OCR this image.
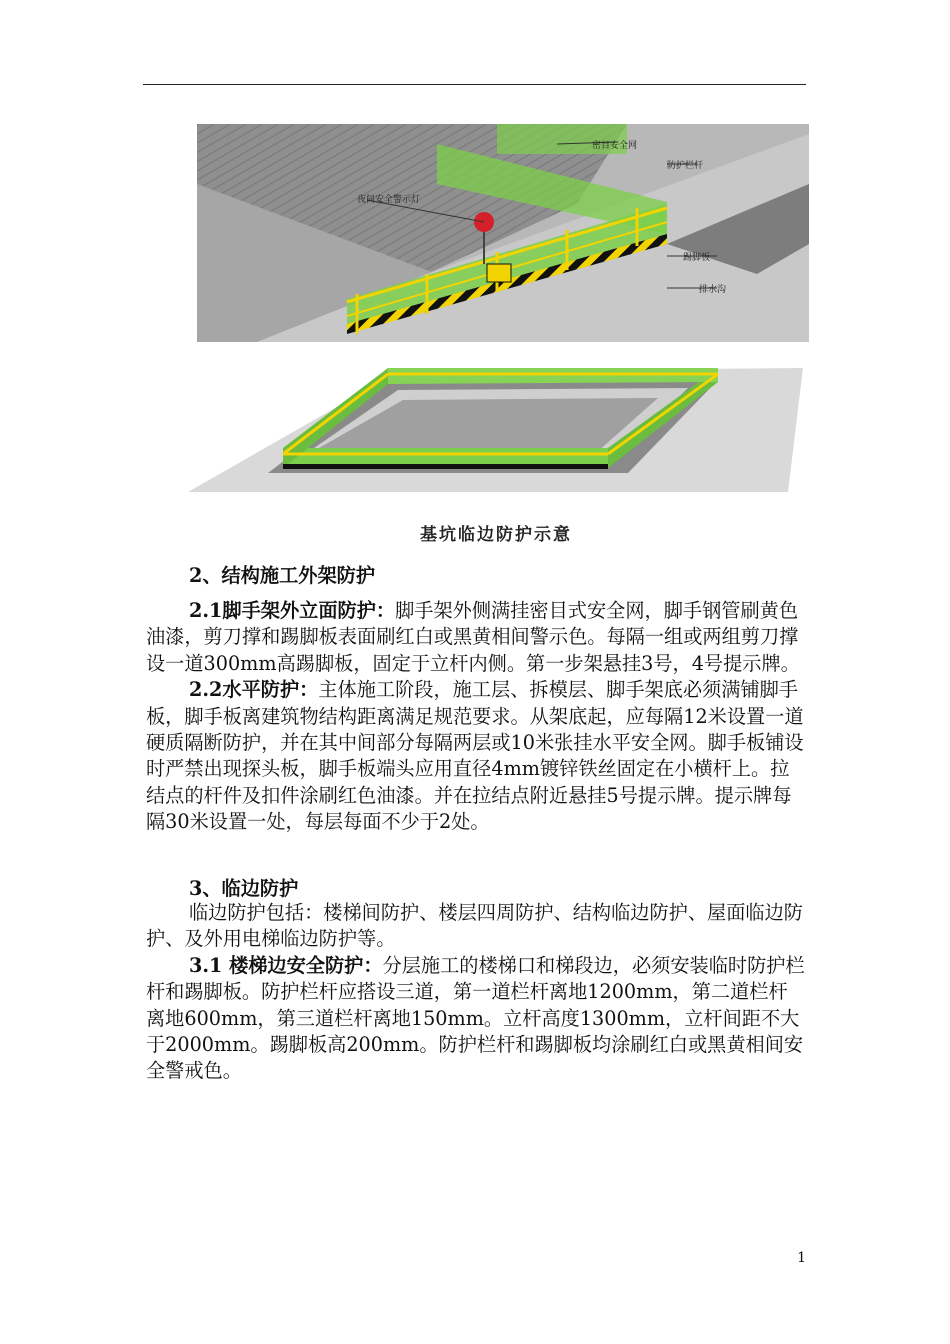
密目安全网
防护栏杆
夜间安全警示灯
踢脚板
排水沟
基坑临边防护示意
2、结构施工外架防护

2.1脚手架外立面防护：脚手架外侧满挂密目式安全网，脚手钢管刷黄色油漆，剪刀撑和踢脚板表面刷红白或黑黄相间警示色。每隔一组或两组剪刀撑设一道300mm高踢脚板，固定于立杆内侧。第一步架悬挂3号，4号提示牌。

2.2水平防护：主体施工阶段，施工层、拆模层、脚手架底必须满铺脚手板，脚手板离建筑物结构距离满足规范要求。从架底起，应每隔12米设置一道硬质隔断防护，并在其中间部分每隔两层或10米张挂水平安全网。脚手板铺设时严禁出现探头板，脚手板端头应用直径4mm镀锌铁丝固定在小横杆上。拉结点的杆件及扣件涂刷红色油漆。并在拉结点附近悬挂5号提示牌。提示牌每隔30米设置一处，每层每面不少于2处。

3、临边防护

临边防护包括：楼梯间防护、楼层四周防护、结构临边防护、屋面临边防护、及外用电梯临边防护等。

3.1 楼梯边安全防护：分层施工的楼梯口和梯段边，必须安装临时防护栏杆和踢脚板。防护栏杆应搭设三道，第一道栏杆离地1200mm，第二道栏杆离地600mm，第三道栏杆离地150mm。立杆高度1300mm，立杆间距不大于2000mm。踢脚板高200mm。防护栏杆和踢脚板均涂刷红白或黑黄相间安全警戒色。

1
